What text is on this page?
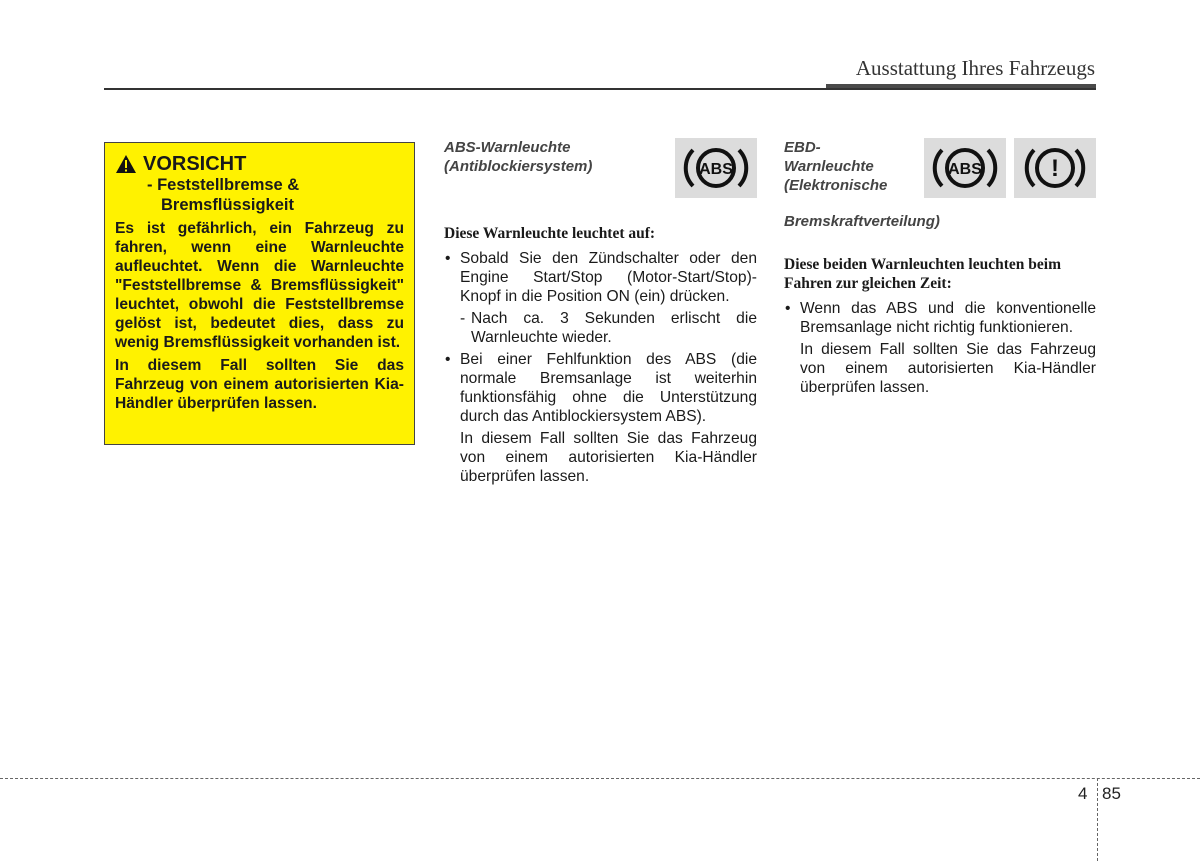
Ausstattung Ihres Fahrzeugs
VORSICHT
- Feststellbremse &
Bremsflüssigkeit

Es ist gefährlich, ein Fahrzeug zu fahren, wenn eine Warnleuchte aufleuchtet. Wenn die Warnleuchte "Feststellbremse & Bremsflüssigkeit" leuchtet, obwohl die Feststellbremse gelöst ist, bedeutet dies, dass zu wenig Bremsflüssigkeit vorhanden ist.

In diesem Fall sollten Sie das Fahrzeug von einem autorisierten Kia-Händler überprüfen lassen.

ABS-Warnleuchte
(Antiblockiersystem)	ABS

Diese Warnleuchte leuchtet auf:

• Sobald Sie den Zündschalter oder den Engine Start/Stop (Motor-Start/Stop)-Knopf in die Position ON (ein) drücken.
- Nach ca. 3 Sekunden erlischt die Warnleuchte wieder.
• Bei einer Fehlfunktion des ABS (die normale Bremsanlage ist weiterhin funktionsfähig ohne die Unterstützung durch das Antiblockiersystem ABS).
In diesem Fall sollten Sie das Fahrzeug von einem autorisierten Kia-Händler überprüfen lassen.
EBD-
Warnleuchte
(Elektronische
ABS	!
Bremskraftverteilung)

Diese beiden Warnleuchten leuchten beim Fahren zur gleichen Zeit:

• Wenn das ABS und die konventionelle Bremsanlage nicht richtig funktionieren.
In diesem Fall sollten Sie das Fahrzeug von einem autorisierten Kia-Händler überprüfen lassen.
4 85
